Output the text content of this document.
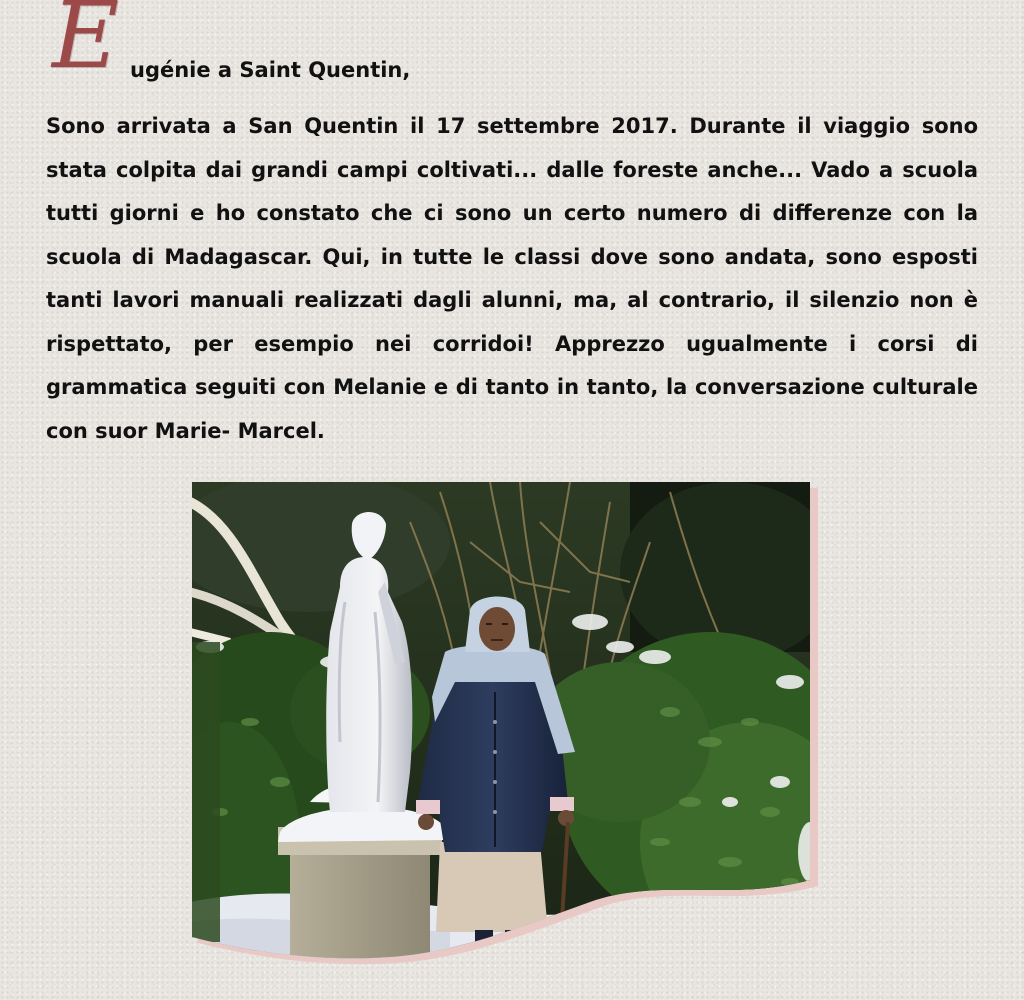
E ugénie a Saint Quentin,

Sono arrivata a San Quentin il 17 settembre 2017. Durante il viaggio sono stata colpita dai grandi campi coltivati... dalle foreste anche... Vado a scuola tutti giorni e ho constato che ci sono un certo numero di differenze con la scuola di Madagascar. Qui, in tutte le classi dove sono andata, sono esposti tanti lavori manuali realizzati dagli alunni, ma, al contrario, il silenzio non è rispettato, per esempio nei corridoi! Apprezzo ugualmente i corsi di grammatica seguiti con Melanie e di tanto in tanto, la conversazione culturale con suor Marie- Marcel.
